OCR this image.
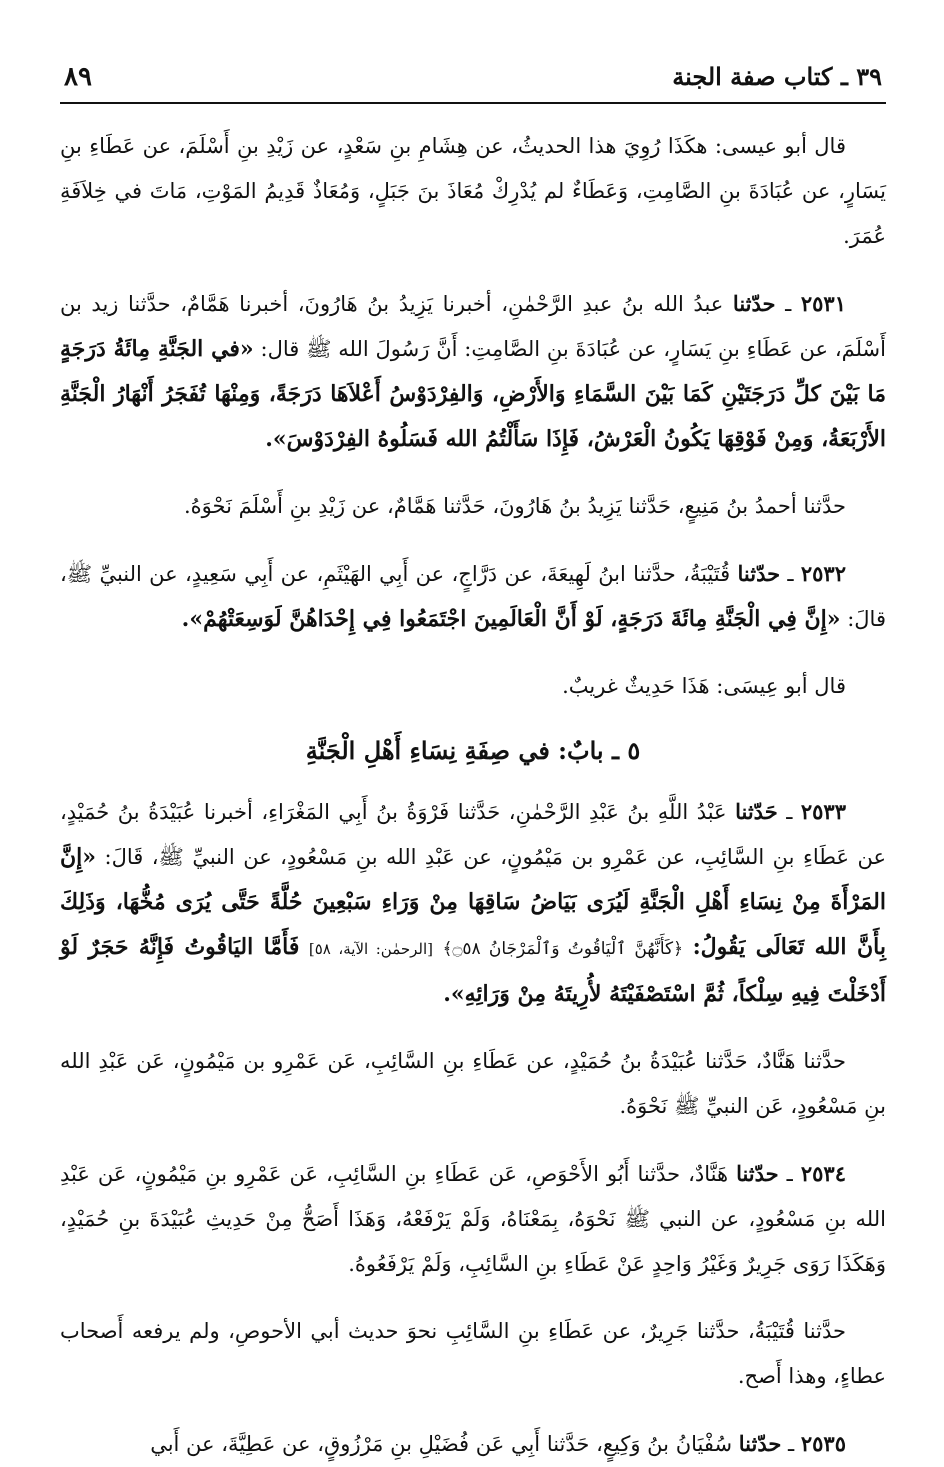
٣٩ ـ كتاب صفة الجنة
٨٩

قال أبو عيسى: هكَذَا رُوِيَ هذا الحديثُ، عن هِشَامِ بنِ سَعْدٍ، عن زَيْدِ بنِ أَسْلَمَ، عن عَطَاءِ بنِ يَسَارٍ، عن عُبَادَةَ بنِ الصَّامِتِ، وَعَطَاءٌ لم يُدْرِكْ مُعَاذَ بنَ جَبَلٍ، وَمُعَاذٌ قَدِيمُ المَوْتِ، مَاتَ في خِلاَفَةِ عُمَرَ.

٢٥٣١ ـ حدّثنا عبدُ الله بنُ عبدِ الرَّحْمٰنِ، أخبرنا يَزِيدُ بنُ هَارُونَ، أخبرنا هَمَّامٌ، حدَّثنا زيد بن أَسْلَمَ، عن عَطَاءِ بنِ يَسَارٍ، عن عُبَادَةَ بنِ الصَّامِتِ: أَنَّ رَسُولَ الله ﷺ قال: «في الجَنَّةِ مِائَةُ دَرَجَةٍ مَا بَيْنَ كلِّ دَرَجَتَيْنِ كَمَا بَيْنَ السَّمَاءِ وَالأَرْضِ، وَالفِرْدَوْسُ أَعْلاَهَا دَرَجَةً، وَمِنْهَا تُفَجَرُ أَنْهَارُ الْجَنَّةِ الأَرْبَعَةُ، وَمِنْ فَوْقِهَا يَكُونُ الْعَرْشُ، فَإِذَا سَأَلْتُمُ الله فَسَلُوهُ الفِرْدَوْسَ».

حدَّثنا أحمدُ بنُ مَنِيعٍ، حَدَّثنا يَزِيدُ بنُ هَارُونَ، حَدَّثنا هَمَّامٌ، عن زَيْدِ بنِ أَسْلَمَ نَحْوَهُ.

٢٥٣٢ ـ حدّثنا قُتَيْبَةُ، حدَّثنا ابنُ لَهِيعَةَ، عن دَرَّاجٍ، عن أَبِي الهَيْثَمِ، عن أَبِي سَعِيدٍ، عن النبيِّ ﷺ، قالَ: «إِنَّ فِي الْجَنَّةِ مِائَةَ دَرَجَةٍ، لَوْ أَنَّ الْعَالَمِينَ اجْتَمَعُوا فِي إِحْدَاهُنَّ لَوَسِعَتْهُمْ».

قال أبو عِيسَى: هَذَا حَدِيثٌ غريبٌ.

٥ ـ بابٌ: في صِفَةِ نِسَاءِ أَهْلِ الْجَنَّةِ

٢٥٣٣ ـ حَدّثنا عَبْدُ اللَّهِ بنُ عَبْدِ الرَّحْمٰنِ، حَدَّثنا فَرْوَةُ بنُ أَبِي المَغْرَاءِ، أخبرنا عُبَيْدَةُ بنُ حُمَيْدٍ، عن عَطَاءِ بنِ السَّائِبِ، عن عَمْرِو بن مَيْمُونٍ، عن عَبْدِ الله بنِ مَسْعُودٍ، عن النبيِّ ﷺ، قَالَ: «إِنَّ المَرْأَةَ مِنْ نِسَاءِ أَهْلِ الْجَنَّةِ لَيُرَى بَيَاضُ سَاقِهَا مِنْ وَرَاءِ سَبْعِينَ حُلَّةً حَتَّى يُرَى مُخُّهَا، وَذَلِكَ بِأَنَّ الله تَعَالَى يَقُولُ: ﴿كَأَنَّهُنَّ ٱلْيَاقُوتُ وَٱلْمَرْجَانُ ۝٥٨﴾ [الرحمٰن: الآية، ٥٨] فَأَمَّا اليَاقُوتُ فَإِنَّهُ حَجَرٌ لَوْ أَدْخَلْتَ فِيهِ سِلْكاً، ثُمَّ اسْتَصْفَيْتَهُ لأُرِيتَهُ مِنْ وَرَائِهِ».

حدَّثنا هَنَّادٌ، حَدَّثنا عُبَيْدَةُ بنُ حُمَيْدٍ، عن عَطَاءِ بنِ السَّائِبِ، عَن عَمْرِو بن مَيْمُونٍ، عَن عَبْدِ الله بنِ مَسْعُودٍ، عَن النبيِّ ﷺ نَحْوَهُ.

٢٥٣٤ ـ حدّثنا هَنَّادٌ، حدَّثنا أَبُو الأَحْوَصِ، عَن عَطَاءِ بنِ السَّائِبِ، عَن عَمْرِو بنِ مَيْمُونٍ، عَن عَبْدِ الله بنِ مَسْعُودٍ، عن النبي ﷺ نَحْوَهُ، بِمَعْنَاهُ، وَلَمْ يَرْفَعْهُ، وَهَذَا أَصَحُّ مِنْ حَدِيثِ عُبَيْدَةَ بنِ حُمَيْدٍ، وَهَكَذَا رَوَى جَرِيرٌ وَغَيْرُ وَاحِدٍ عَنْ عَطَاءِ بنِ السَّائِبِ، وَلَمْ يَرْفَعُوهُ.

حدَّثنا قُتَيْبَةُ، حدَّثنا جَرِيرٌ، عن عَطَاءِ بنِ السَّائِبِ نحوَ حديث أبي الأحوصِ، ولم يرفعه أَصحاب عطاءٍ، وهذا أَصح.

٢٥٣٥ ـ حدّثنا سُفْيَانُ بنُ وَكِيعٍ، حَدَّثنا أَبِي عَن فُضَيْلِ بنِ مَرْزُوقٍ، عن عَطِيَّةَ، عن أَبي
